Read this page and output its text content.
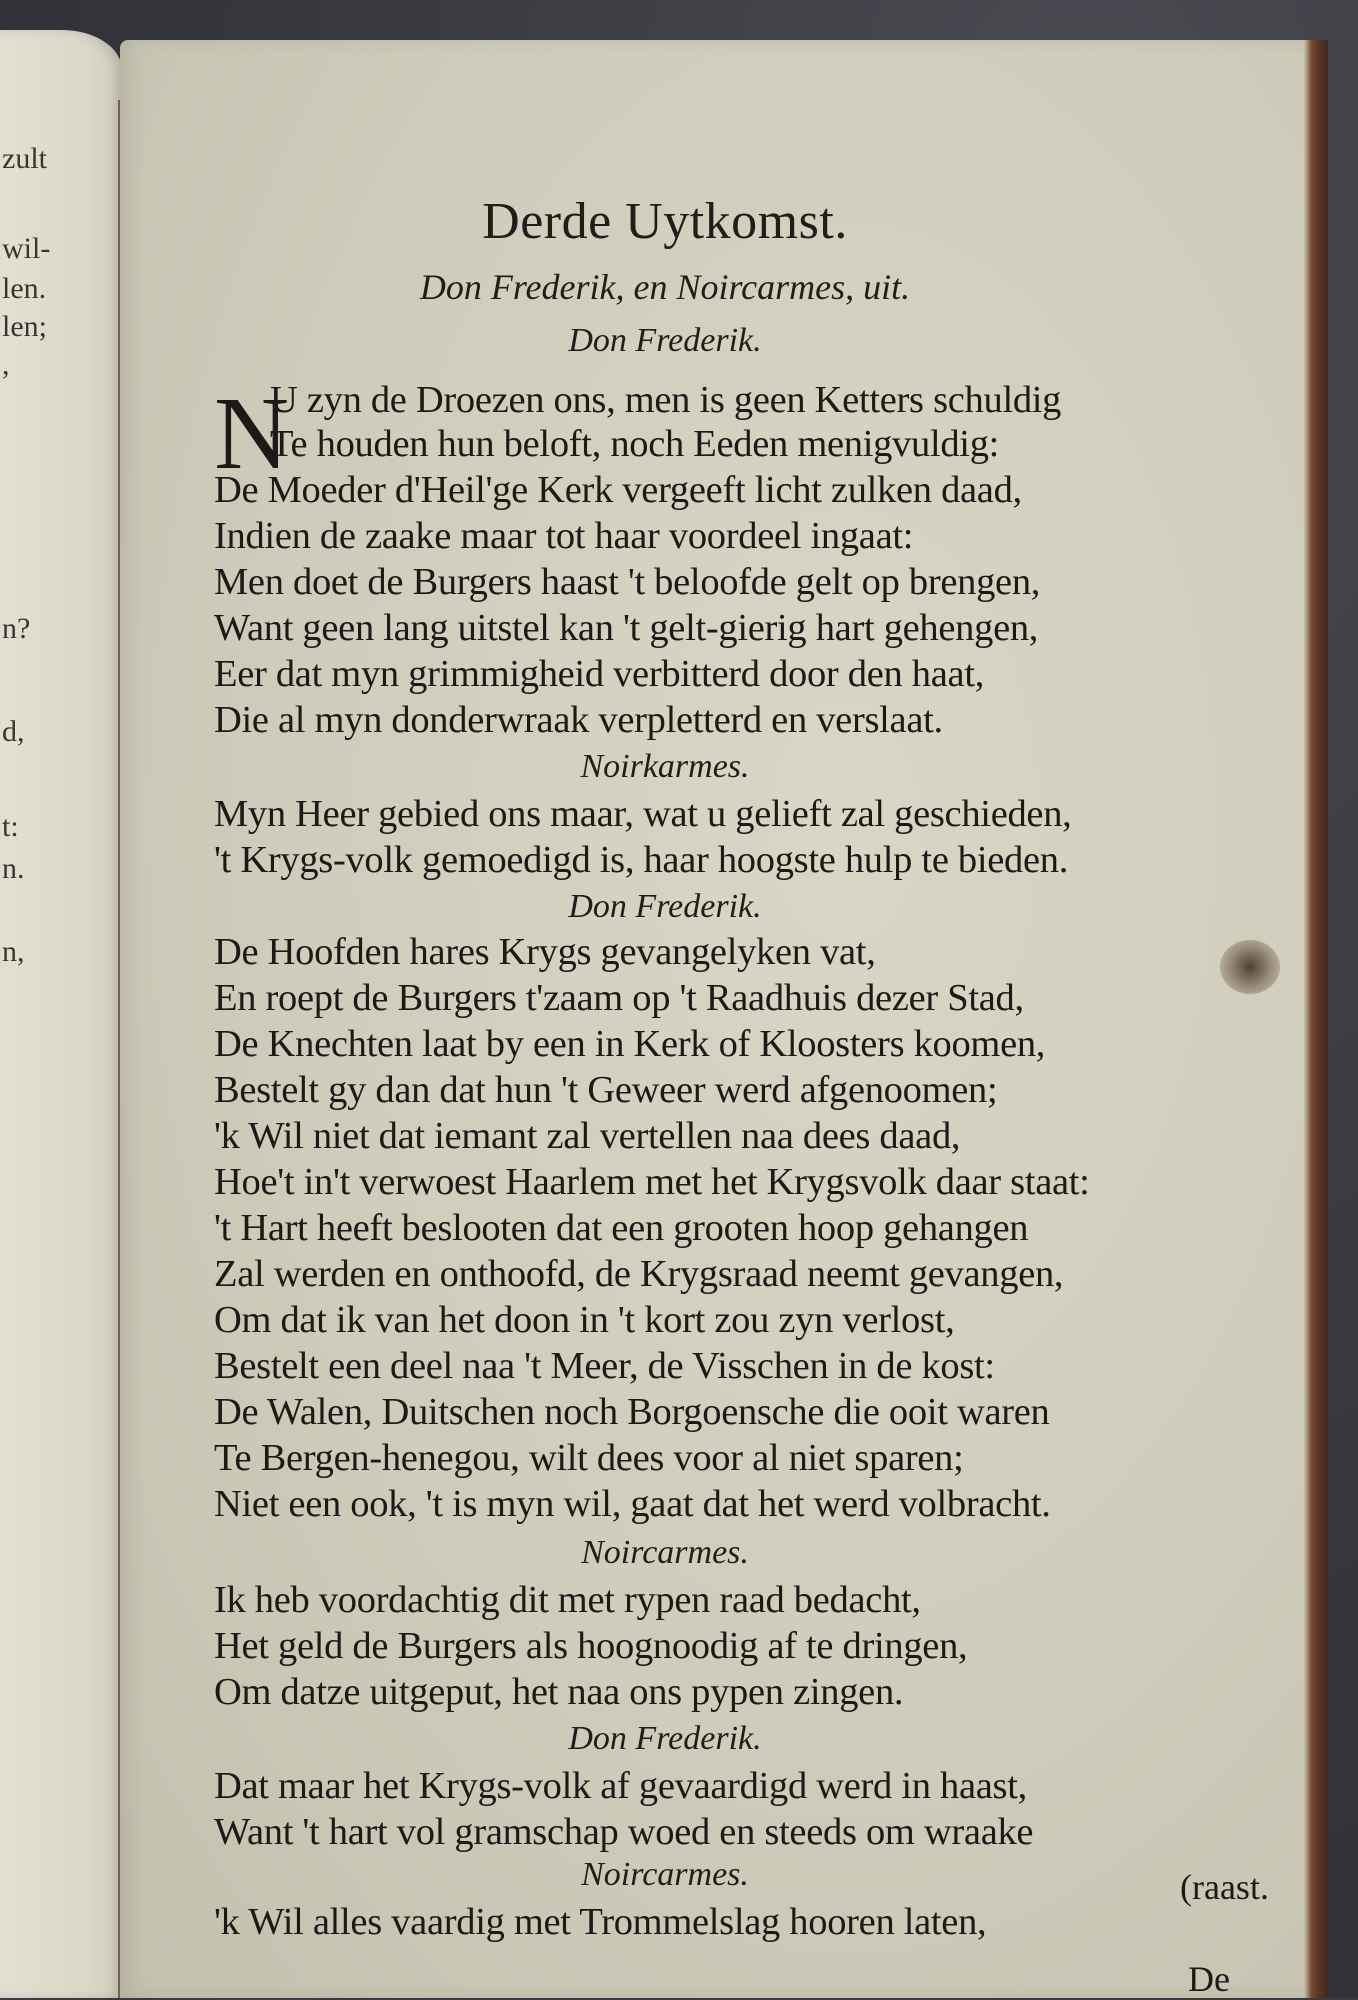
zult
wil-
len.
len;
,
n?
d,
t:
n.
n,
Derde Uytkomst.
Don Frederik, en Noircarmes, uit.
Don Frederik.
N
U zyn de Droezen ons, men is geen Ketters schuldig
Te houden hun beloft, noch Eeden menigvuldig:
De Moeder d'Heil'ge Kerk vergeeft licht zulken daad,
Indien de zaake maar tot haar voordeel ingaat:
Men doet de Burgers haast 't beloofde gelt op brengen,
Want geen lang uitstel kan 't gelt-gierig hart gehengen,
Eer dat myn grimmigheid verbitterd door den haat,
Die al myn donderwraak verpletterd en verslaat.
Noirkarmes.
Myn Heer gebied ons maar, wat u gelieft zal geschieden,
't Krygs-volk gemoedigd is, haar hoogste hulp te bieden.
Don Frederik.
De Hoofden hares Krygs gevangelyken vat,
En roept de Burgers t'zaam op 't Raadhuis dezer Stad,
De Knechten laat by een in Kerk of Kloosters koomen,
Bestelt gy dan dat hun 't Geweer werd afgenoomen;
'k Wil niet dat iemant zal vertellen naa dees daad,
Hoe't in't verwoest Haarlem met het Krygsvolk daar staat:
't Hart heeft beslooten dat een grooten hoop gehangen
Zal werden en onthoofd, de Krygsraad neemt gevangen,
Om dat ik van het doon in 't kort zou zyn verlost,
Bestelt een deel naa 't Meer, de Visschen in de kost:
De Walen, Duitschen noch Borgoensche die ooit waren
Te Bergen-henegou, wilt dees voor al niet sparen;
Niet een ook, 't is myn wil, gaat dat het werd volbracht.
Noircarmes.
Ik heb voordachtig dit met rypen raad bedacht,
Het geld de Burgers als hoognoodig af te dringen,
Om datze uitgeput, het naa ons pypen zingen.
Don Frederik.
Dat maar het Krygs-volk af gevaardigd werd in haast,
Want 't hart vol gramschap woed en steeds om wraake
(raast.
Noircarmes.
'k Wil alles vaardig met Trommelslag hooren laten,
De
